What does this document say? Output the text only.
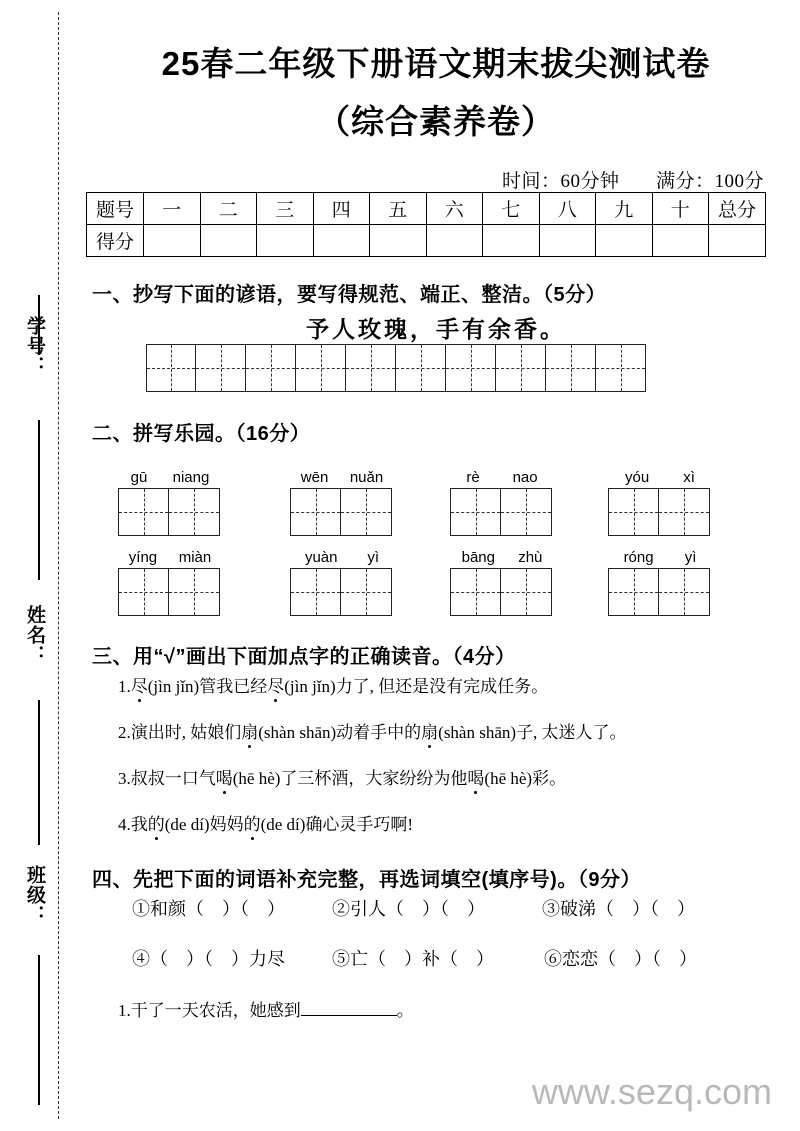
学号：
姓名：
班级：
25春二年级下册语文期末拔尖测试卷
（综合素养卷）
时间：60分钟 满分：100分
题号	一	二	三	四	五	六	七	八	九	十	总分
得分											
一、抄写下面的谚语，要写得规范、端正、整洁。（5分）
予人玫瑰，手有余香。
二、拼写乐园。（16分）
gū niang	wēn nuǎn	rè nao	yóu xì
yíng miàn	yuàn yì	bāng zhù	róng yì
三、用“√”画出下面加点字的正确读音。（4分）
1.尽(jìn jǐn)管我已经尽(jìn jǐn)力了, 但还是没有完成任务。
2.演出时, 姑娘们扇(shàn shān)动着手中的扇(shàn shān)子, 太迷人了。
3.叔叔一口气喝(hē hè)了三杯酒，大家纷纷为他喝(hē hè)彩。
4.我的(de dí)妈妈的(de dí)确心灵手巧啊!
四、先把下面的词语补充完整，再选词填空(填序号)。（9分）
①和颜（　）（　）	②引人（　）（　）	③破涕（　）（　）
④（　）（　）力尽	⑤亡（　）补（　）	⑥恋恋（　）（　）
1.干了一天农活，她感到	。
www.sezq.com
